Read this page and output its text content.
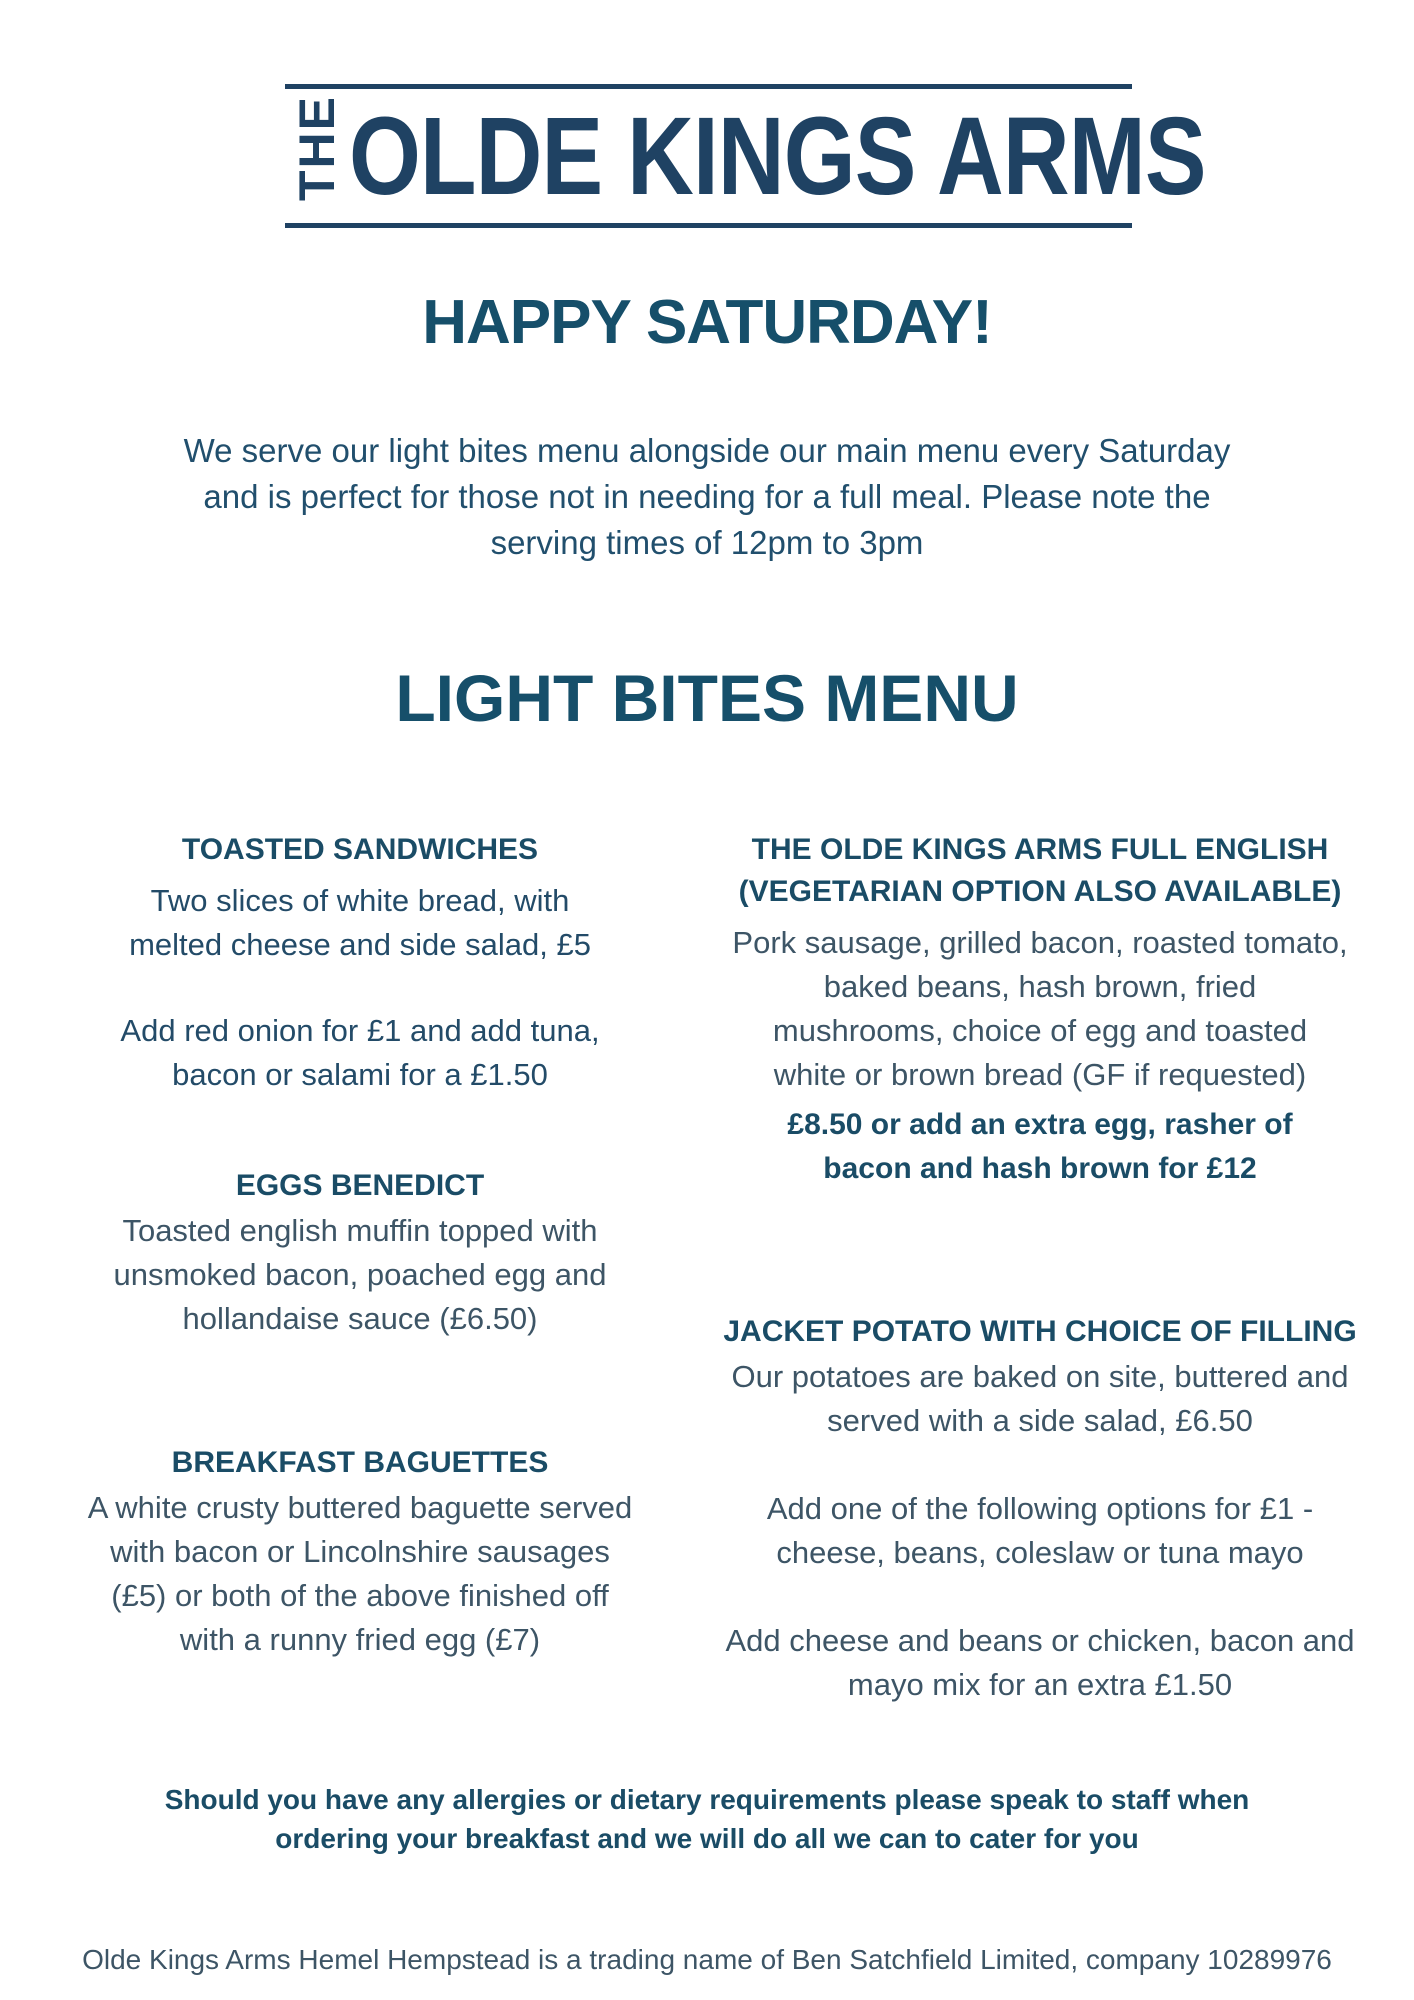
THE OLDE KINGS ARMS
HAPPY SATURDAY!
We serve our light bites menu alongside our main menu every Saturday
and is perfect for those not in needing for a full meal. Please note the
serving times of 12pm to 3pm
LIGHT BITES MENU
TOASTED SANDWICHES
Two slices of white bread, with
melted cheese and side salad, £5
Add red onion for £1 and add tuna,
bacon or salami for a £1.50
EGGS BENEDICT
Toasted english muffin topped with
unsmoked bacon, poached egg and
hollandaise sauce (£6.50)
BREAKFAST BAGUETTES
A white crusty buttered baguette served
with bacon or Lincolnshire sausages
(£5) or both of the above finished off
with a runny fried egg (£7)
THE OLDE KINGS ARMS FULL ENGLISH
(VEGETARIAN OPTION ALSO AVAILABLE)
Pork sausage, grilled bacon, roasted tomato,
baked beans, hash brown, fried
mushrooms, choice of egg and toasted
white or brown bread (GF if requested)
£8.50 or add an extra egg, rasher of
bacon and hash brown for £12
JACKET POTATO WITH CHOICE OF FILLING
Our potatoes are baked on site, buttered and
served with a side salad, £6.50
Add one of the following options for £1 -
cheese, beans, coleslaw or tuna mayo
Add cheese and beans or chicken, bacon and
mayo mix for an extra £1.50
Should you have any allergies or dietary requirements please speak to staff when
ordering your breakfast and we will do all we can to cater for you
Olde Kings Arms Hemel Hempstead is a trading name of Ben Satchfield Limited, company 10289976
